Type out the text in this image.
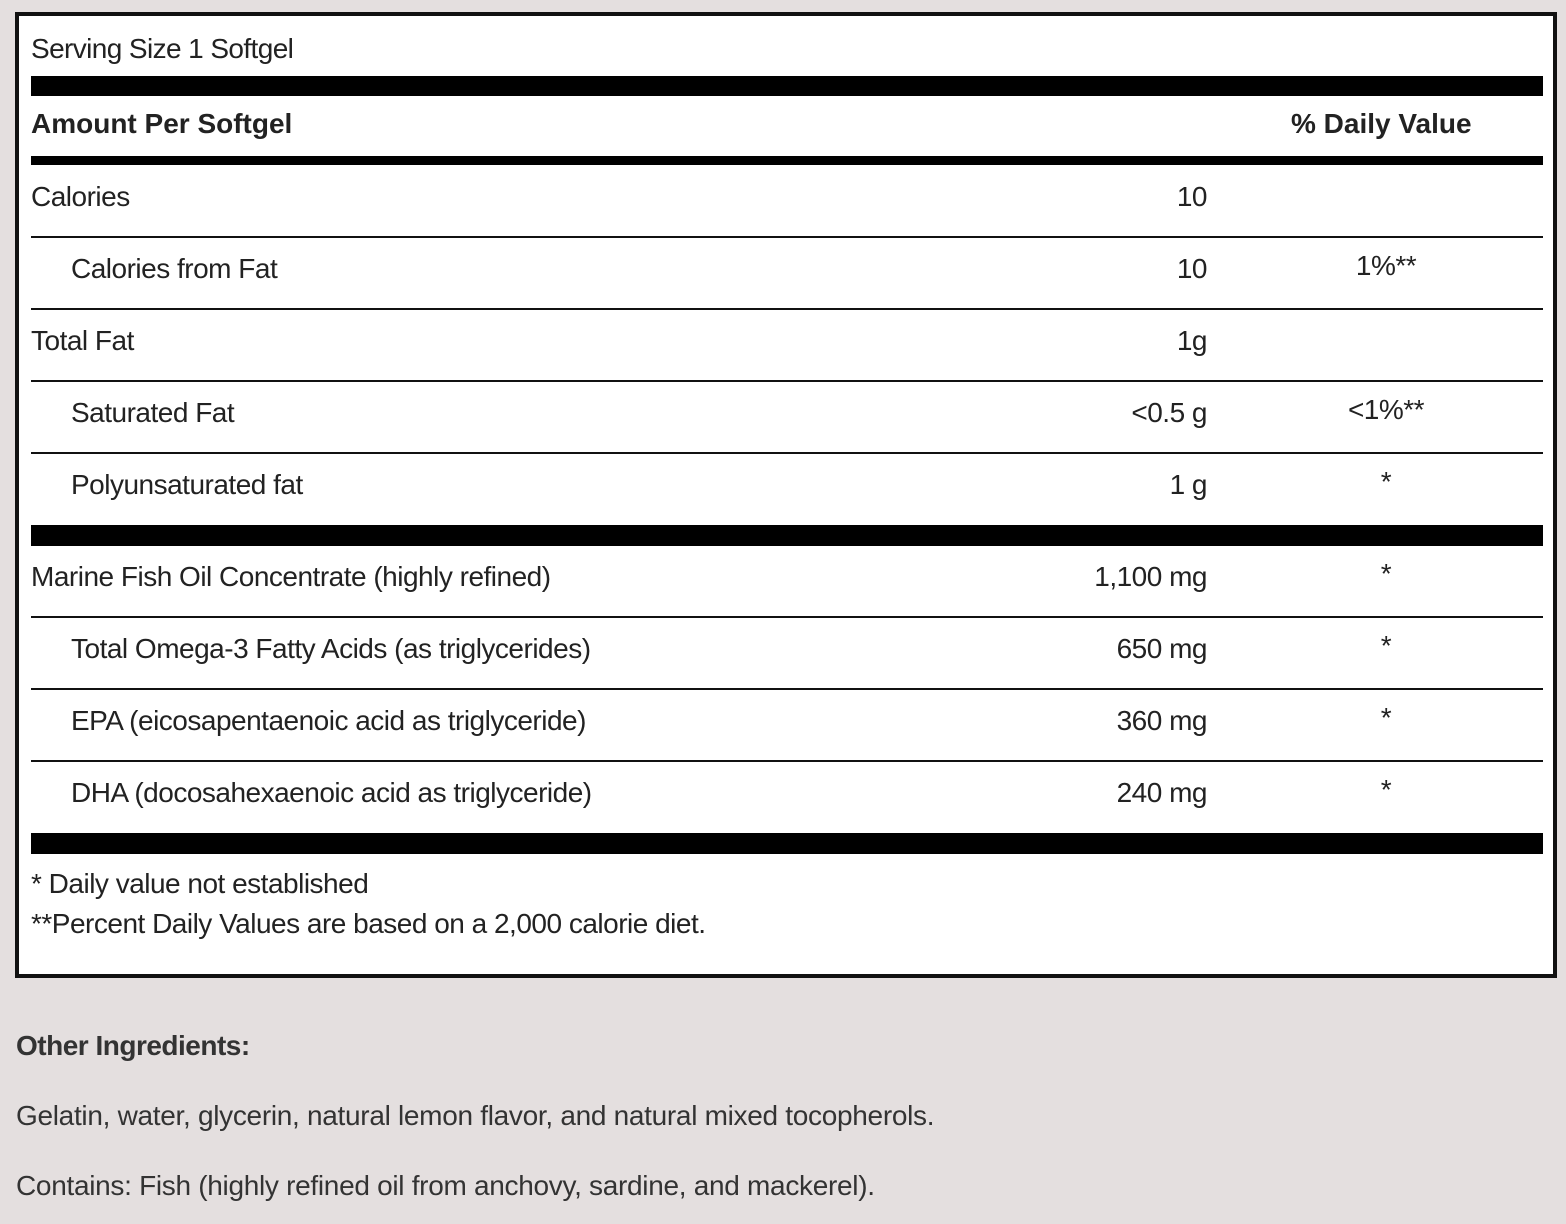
Serving Size 1 Softgel
Amount Per Softgel	% Daily Value
Calories	10
Calories from Fat	10	1%**
Total Fat	1g
Saturated Fat	<0.5 g	<1%**
Polyunsaturated fat	1 g	*
Marine Fish Oil Concentrate (highly refined)	1,100 mg	*
Total Omega-3 Fatty Acids (as triglycerides)	650 mg	*
EPA (eicosapentaenoic acid as triglyceride)	360 mg	*
DHA (docosahexaenoic acid as triglyceride)	240 mg	*
* Daily value not established
**Percent Daily Values are based on a 2,000 calorie diet.
Other Ingredients:
Gelatin, water, glycerin, natural lemon flavor, and natural mixed tocopherols.
Contains: Fish (highly refined oil from anchovy, sardine, and mackerel).
